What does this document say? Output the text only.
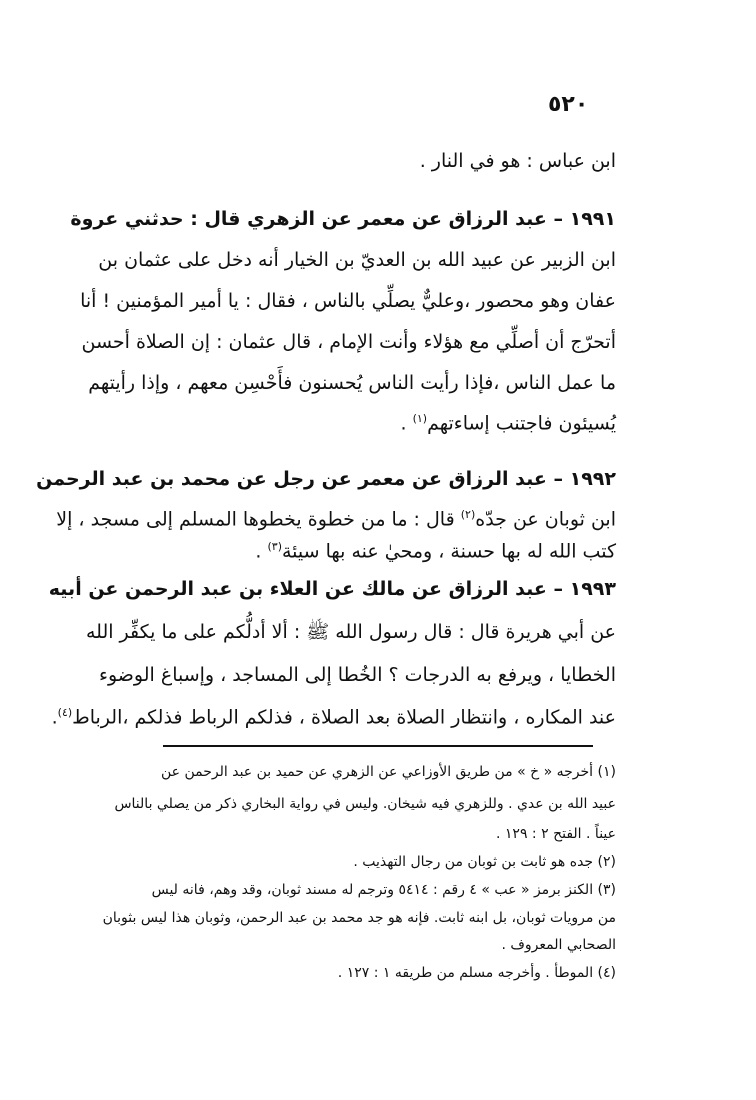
٥٢٠
ابن عباس : هو في النار .
١٩٩١ – عبد الرزاق عن معمر عن الزهري قال : حدثني عروة
ابن الزبير عن عبيد الله بن العديّ بن الخيار أنه دخل على عثمان بن
عفان وهو محصور ،وعليٌّ يصلِّي بالناس ، فقال : يا أمير المؤمنين ! أنا
أتحرّج أن أصلِّي مع هؤلاء وأنت الإمام ، قال عثمان : إن الصلاة أحسن
ما عمل الناس ،فإذا رأيت الناس يُحسنون فأَحْسِن معهم ، وإذا رأيتهم
يُسيئون فاجتنب إساءتهم$^{(١)}$ .
١٩٩٢ – عبد الرزاق عن معمر عن رجل عن محمد بن عبد الرحمن
ابن ثوبان عن جدّه$^{(٢)}$ قال : ما من خطوة يخطوها المسلم إلى مسجد ، إلا
كتب الله له بها حسنة ، ومحيٰ عنه بها سيئة$^{(٣)}$ .
١٩٩٣ – عبد الرزاق عن مالك عن العلاء بن عبد الرحمن عن أبيه
عن أبي هريرة قال : قال رسول الله ﷺ : ألا أدلُّكم على ما يكفِّر الله
الخطايا ، ويرفع به الدرجات ؟ الخُطا إلى المساجد ، وإسباغ الوضوء
عند المكاره ، وانتظار الصلاة بعد الصلاة ، فذلكم الرباط فذلكم ،الرباط$^{(٤)}$.
(١) أخرجه « خ » من طريق الأوزاعي عن الزهري عن حميد بن عبد الرحمن عن
عبيد الله بن عدي . وللزهري فيه شيخان. وليس في رواية البخاري ذكر من يصلي بالناس
عيناً . الفتح ٢ : ١٢٩ .
(٢) جده هو ثابت بن ثوبان من رجال التهذيب .
(٣) الكنز برمز « عب » ٤ رقم : ٥٤١٤ وترجم له مسند ثوبان، وقد وهم، فانه ليس
من مرويات ثوبان، بل ابنه ثابت. فإنه هو جد محمد بن عبد الرحمن، وثوبان هذا ليس بثوبان
الصحابي المعروف .
(٤) الموطأ . وأخرجه مسلم من طريقه ١ : ١٢٧ .
